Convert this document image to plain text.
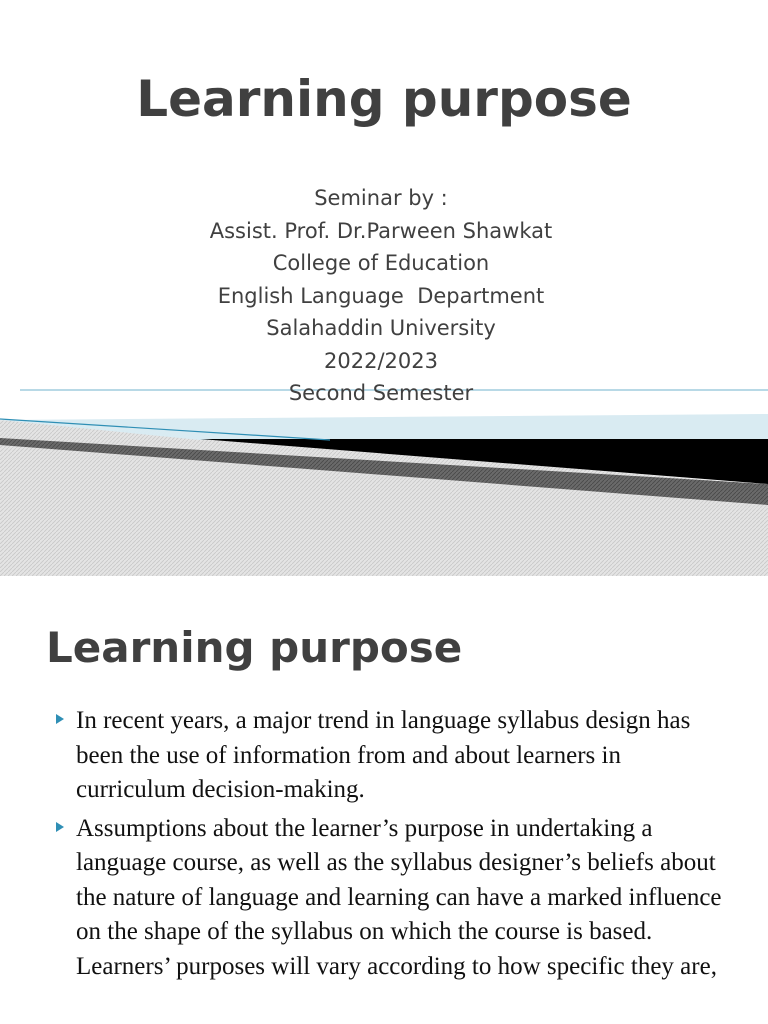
Learning purpose
Seminar by :
Assist. Prof. Dr.Parween Shawkat
College of Education
English Language  Department
Salahaddin University
2022/2023
Second Semester
Learning purpose
In recent years, a major trend in language syllabus design has been the use of information from and about learners in curriculum decision-making.
Assumptions about the learner’s purpose in undertaking a language course, as well as the syllabus designer’s beliefs about the nature of language and learning can have a marked influence on the shape of the syllabus on which the course is based. Learners’ purposes will vary according to how specific they are,
